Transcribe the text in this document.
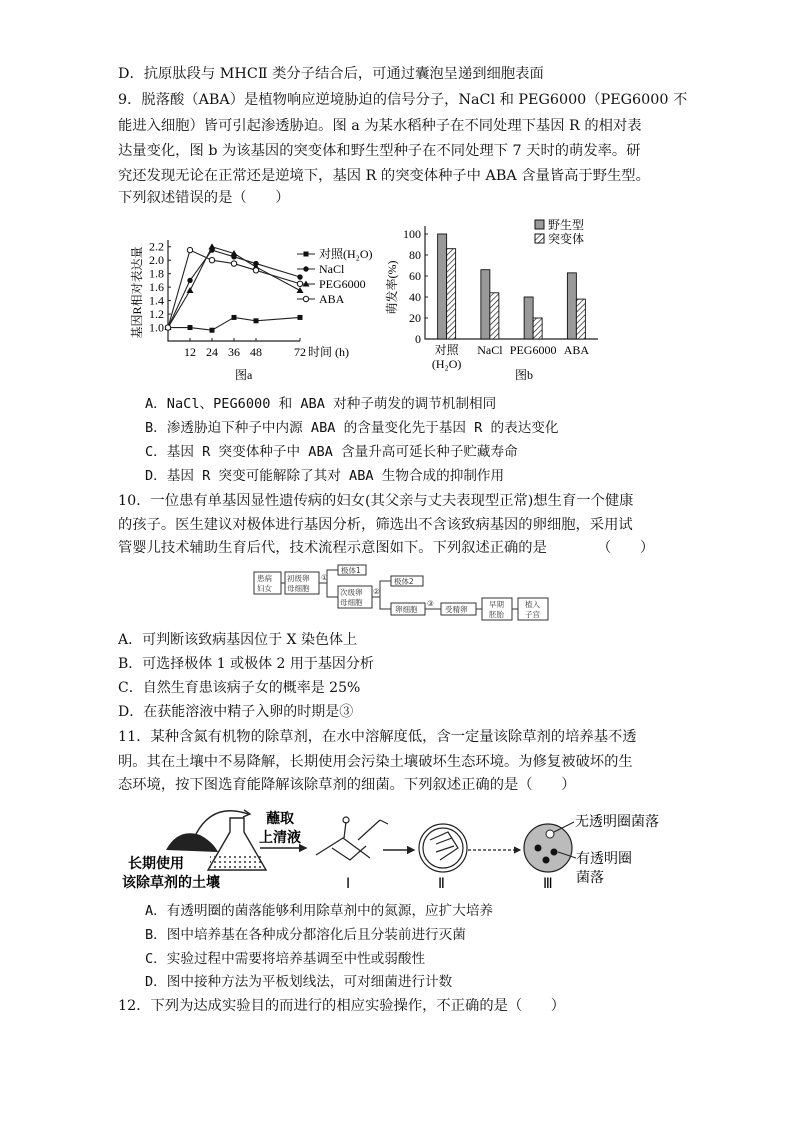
D．抗原肽段与 MHCⅡ 类分子结合后，可通过囊泡呈递到细胞表面
9．脱落酸（ABA）是植物响应逆境胁迫的信号分子，NaCl 和 PEG6000（PEG6000 不
能进入细胞）皆可引起渗透胁迫。图 a 为某水稻种子在不同处理下基因 R 的相对表
达量变化，图 b 为该基因的突变体和野生型种子在不同处理下 7 天时的萌发率。研
究还发现无论在正常还是逆境下，基因 R 的突变体种子中 ABA 含量皆高于野生型。
下列叙述错误的是（　　）
1.0
1.2
1.4
1.6
1.8
2.0
2.2
12 24 36 48	72 时间 (h)
基因R相对表达量
图a
对照(H₂O)
NaCl
PEG6000
ABA
0
20
40
60
80
100
萌发率(%)
对照 NaCl PEG6000 ABA
(H₂O)
图b
野生型
突变体
A．NaCl、PEG6000 和 ABA 对种子萌发的调节机制相同
B．渗透胁迫下种子中内源 ABA 的含量变化先于基因 R 的表达变化
C．基因 R 突变体种子中 ABA 含量升高可延长种子贮藏寿命
D．基因 R 突变可能解除了其对 ABA 生物合成的抑制作用
10．一位患有单基因显性遗传病的妇女(其父亲与丈夫表现型正常)想生育一个健康
的孩子。医生建议对极体进行基因分析，筛选出不含该致病基因的卵细胞，采用试
管婴儿技术辅助生育后代，技术流程示意图如下。下列叙述正确的是　　　　（　　）
患病
妇女
初级卵
母细胞
极体1
次级卵
母细胞
极体2
卵细胞	受精卵
早期
胚胎
植入
子宫
①
②
③
A．可判断该致病基因位于 X 染色体上
B．可选择极体 1 或极体 2 用于基因分析
C．自然生育患该病子女的概率是 25%
D．在获能溶液中精子入卵的时期是③
11．某种含氮有机物的除草剂，在水中溶解度低，含一定量该除草剂的培养基不透
明。其在土壤中不易降解，长期使用会污染土壤破坏生态环境。为修复被破坏的生
态环境，按下图选育能降解该除草剂的细菌。下列叙述正确的是（　　）
蘸取
上清液
长期使用
该除草剂的土壤	Ⅰ	Ⅱ	Ⅲ
无透明圈菌落
有透明圈
菌落
A．有透明圈的菌落能够利用除草剂中的氮源，应扩大培养
B．图中培养基在各种成分都溶化后且分装前进行灭菌
C．实验过程中需要将培养基调至中性或弱酸性
D．图中接种方法为平板划线法，可对细菌进行计数
12．下列为达成实验目的而进行的相应实验操作，不正确的是（　　）
